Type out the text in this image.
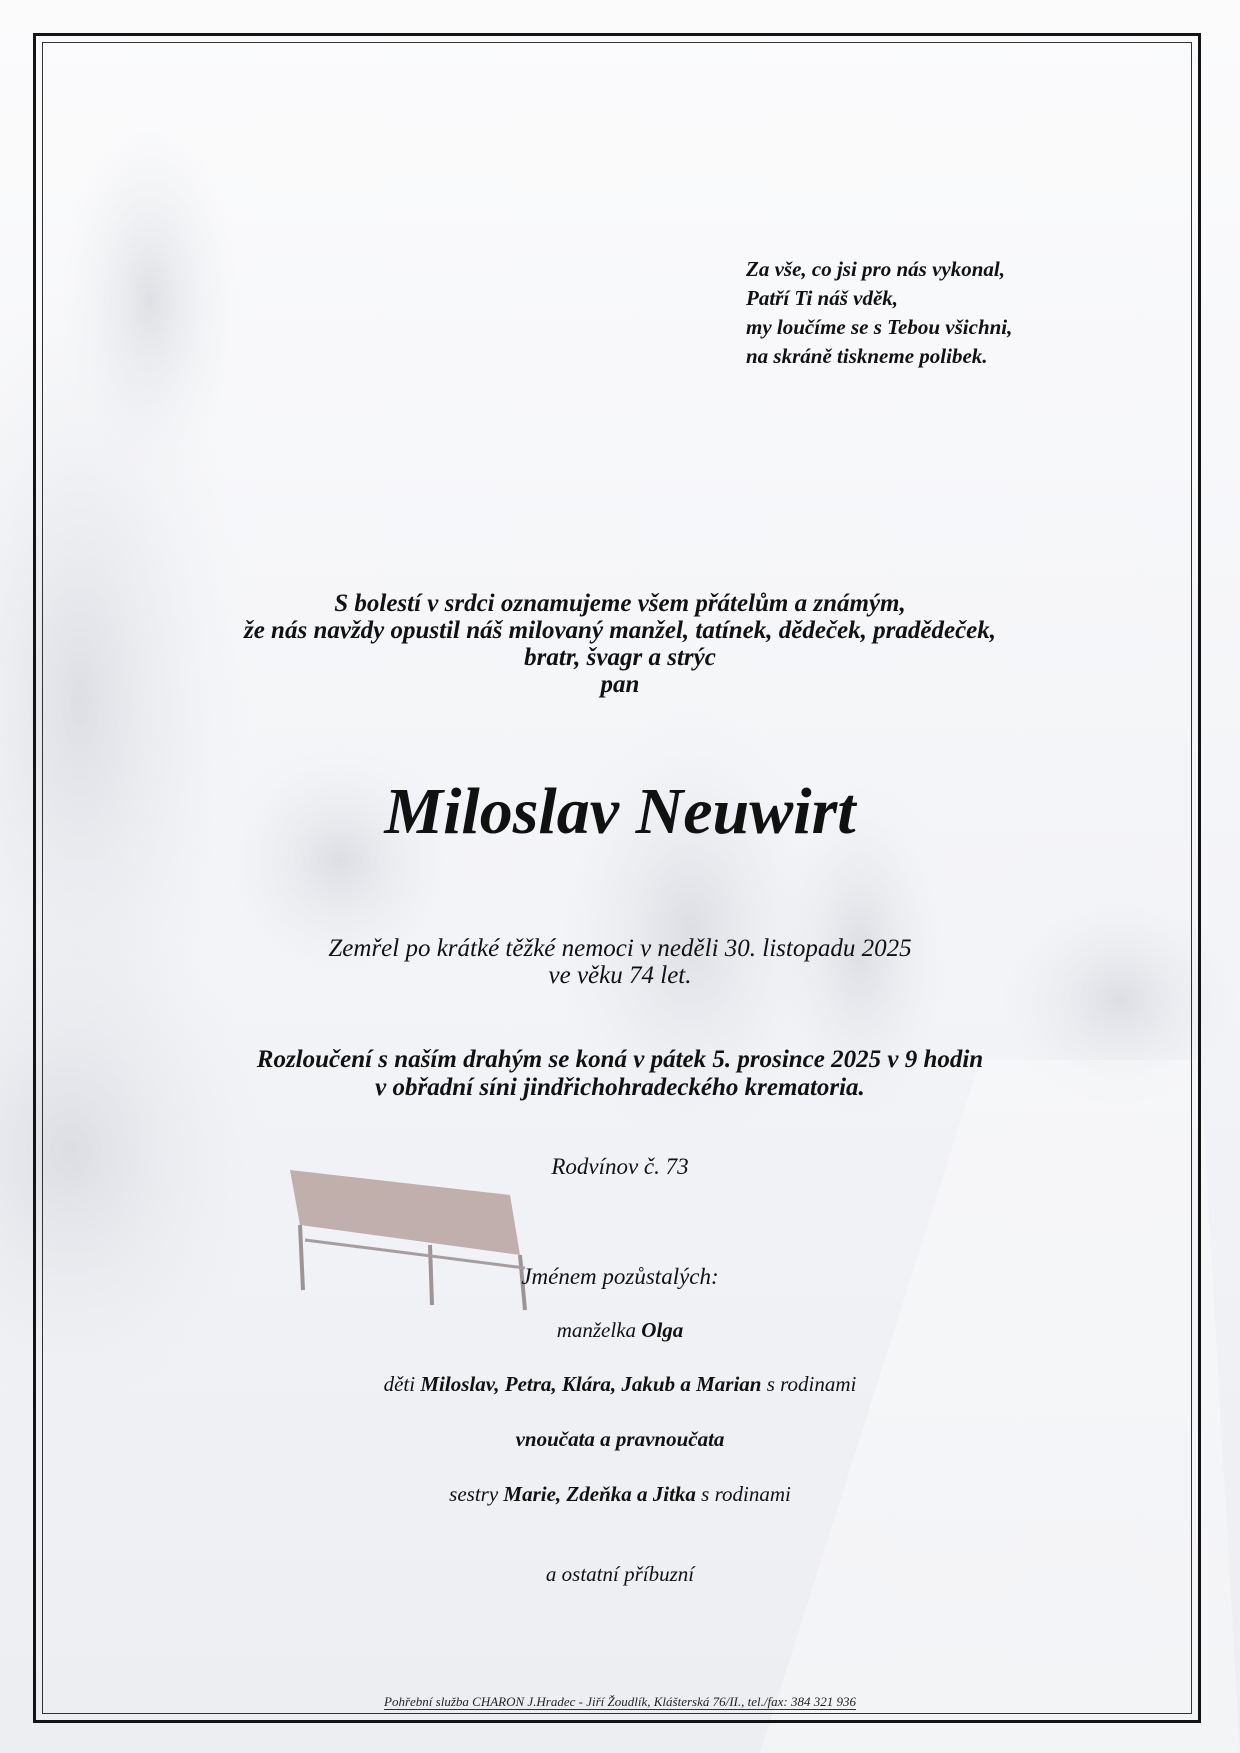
Za vše, co jsi pro nás vykonal,
Patří Ti náš vděk,
my loučíme se s Tebou všichni,
na skráně tiskneme polibek.
S bolestí v srdci oznamujeme všem přátelům a známým,
že nás navždy opustil náš milovaný manžel, tatínek, dědeček, pradědeček,
bratr, švagr a strýc
pan
Miloslav Neuwirt
Zemřel po krátké těžké nemoci v neděli 30. listopadu 2025
ve věku 74 let.
Rozloučení s naším drahým se koná v pátek 5. prosince 2025 v 9 hodin
v obřadní síni jindřichohradeckého krematoria.
Rodvínov č. 73
Jménem pozůstalých:
manželka Olga
děti Miloslav, Petra, Klára, Jakub a Marian s rodinami
vnoučata a pravnoučata
sestry Marie, Zdeňka a Jitka s rodinami
a ostatní příbuzní
Pohřební služba CHARON J.Hradec - Jiří Žoudlík, Klášterská 76/II., tel./fax: 384 321 936
